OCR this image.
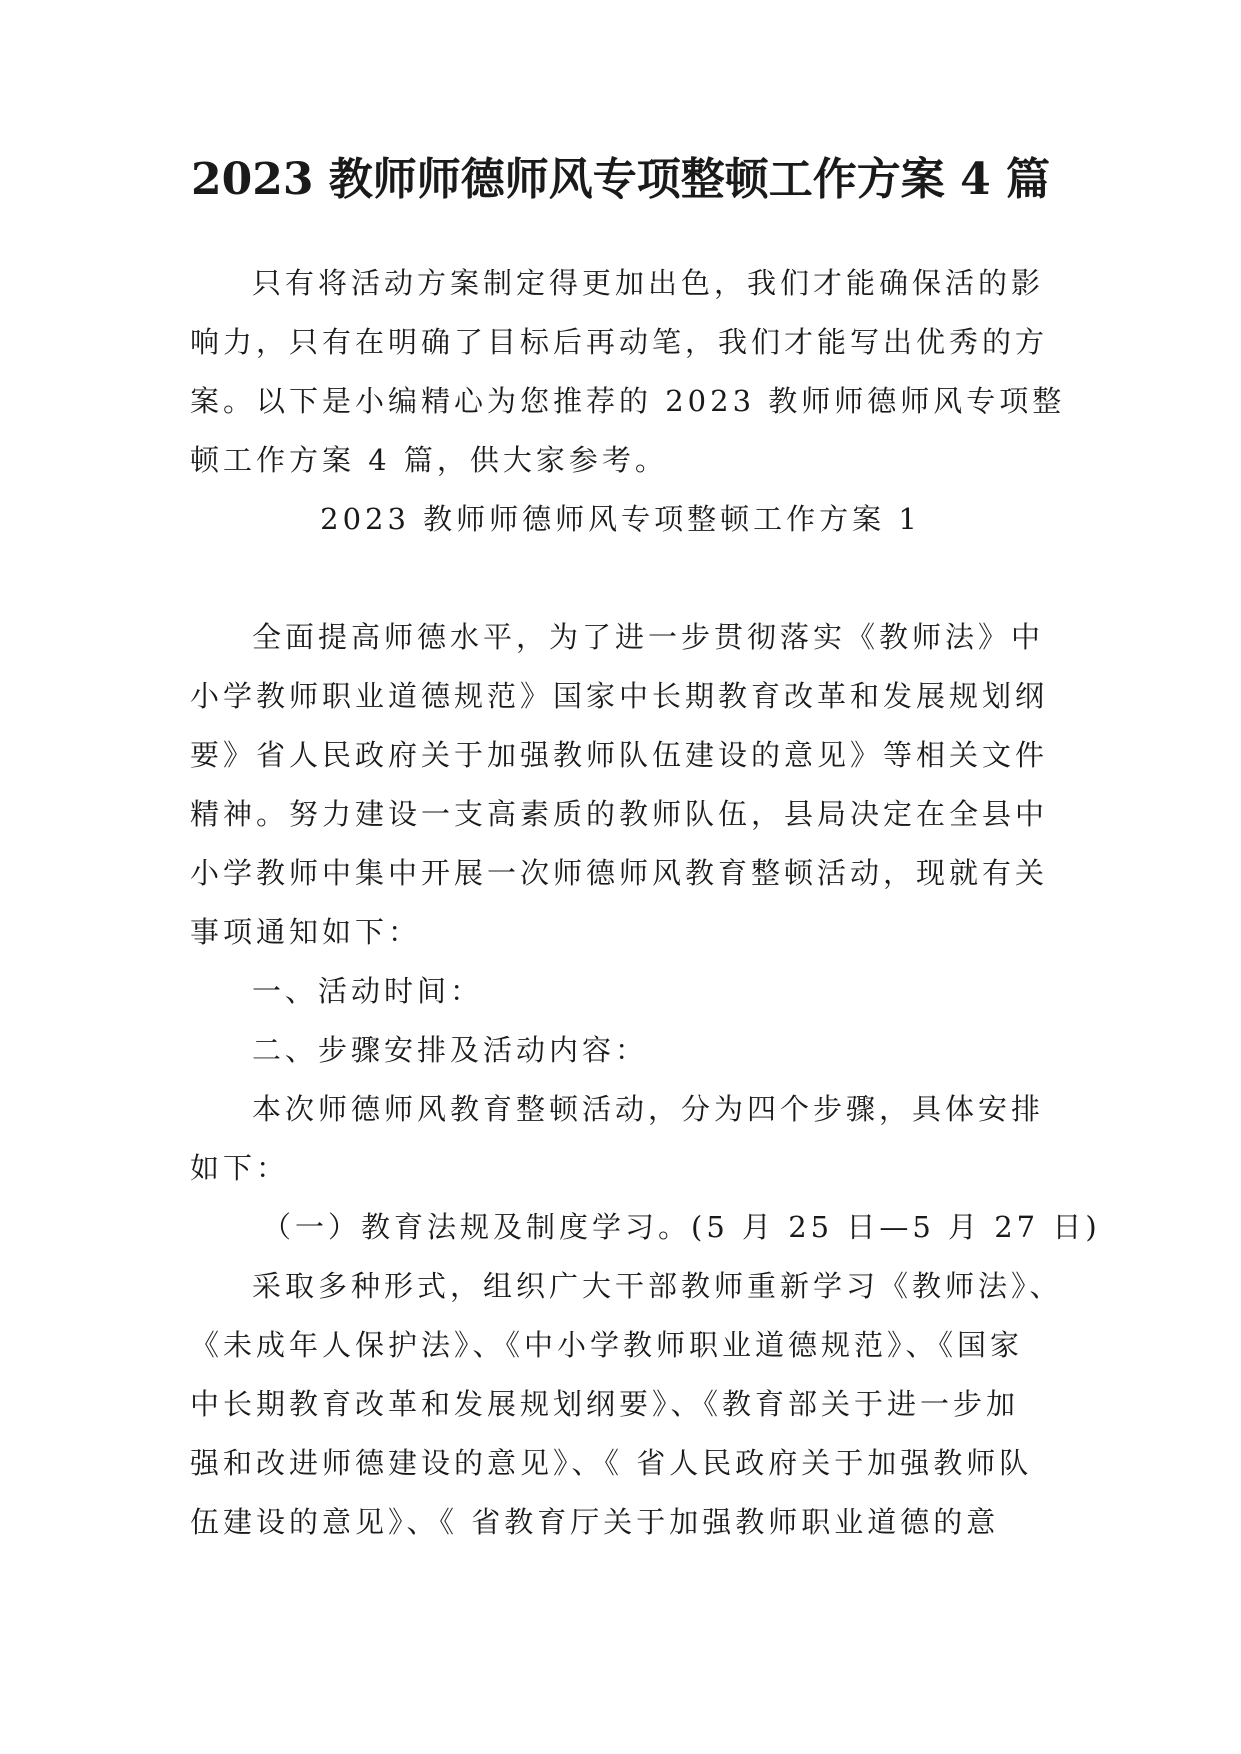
2023 教师师德师风专项整顿工作方案 4 篇
只有将活动方案制定得更加出色，我们才能确保活的影
响力，只有在明确了目标后再动笔，我们才能写出优秀的方
案。以下是小编精心为您推荐的 2023 教师师德师风专项整
顿工作方案 4 篇，供大家参考。
2023 教师师德师风专项整顿工作方案 1
全面提高师德水平，为了进一步贯彻落实《教师法》中
小学教师职业道德规范》国家中长期教育改革和发展规划纲
要》省人民政府关于加强教师队伍建设的意见》等相关文件
精神。努力建设一支高素质的教师队伍，县局决定在全县中
小学教师中集中开展一次师德师风教育整顿活动，现就有关
事项通知如下：
一、活动时间：
二、步骤安排及活动内容：
本次师德师风教育整顿活动，分为四个步骤，具体安排
如下：
（一）教育法规及制度学习。(5 月 25 日—5 月 27 日)
采取多种形式，组织广大干部教师重新学习《教师法》、
《未成年人保护法》、《中小学教师职业道德规范》、《国家
中长期教育改革和发展规划纲要》、《教育部关于进一步加
强和改进师德建设的意见》、《 省人民政府关于加强教师队
伍建设的意见》、《 省教育厅关于加强教师职业道德的意
